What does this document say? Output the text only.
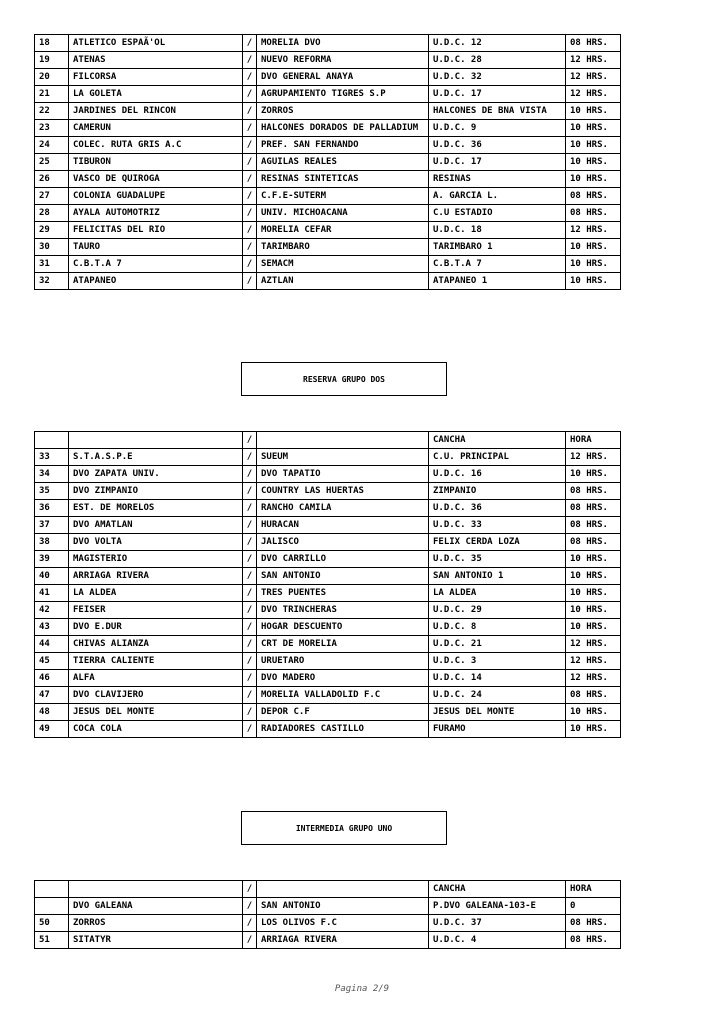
18	ATLETICO ESPAÃ'OL	/	MORELIA DVO	U.D.C. 12	08 HRS.
19	ATENAS	/	NUEVO REFORMA	U.D.C. 28	12 HRS.
20	FILCORSA	/	DVO GENERAL ANAYA	U.D.C. 32	12 HRS.
21	LA GOLETA	/	AGRUPAMIENTO TIGRES S.P	U.D.C. 17	12 HRS.
22	JARDINES DEL RINCON	/	ZORROS	HALCONES DE BNA VISTA	10 HRS.
23	CAMERUN	/	HALCONES DORADOS DE PALLADIUM	U.D.C. 9	10 HRS.
24	COLEC. RUTA GRIS A.C	/	PREF. SAN FERNANDO	U.D.C. 36	10 HRS.
25	TIBURON	/	AGUILAS REALES	U.D.C. 17	10 HRS.
26	VASCO DE QUIROGA	/	RESINAS SINTETICAS	RESINAS	10 HRS.
27	COLONIA GUADALUPE	/	C.F.E-SUTERM	A. GARCIA L.	08 HRS.
28	AYALA AUTOMOTRIZ	/	UNIV. MICHOACANA	C.U ESTADIO	08 HRS.
29	FELICITAS DEL RIO	/	MORELIA CEFAR	U.D.C. 18	12 HRS.
30	TAURO	/	TARIMBARO	TARIMBARO 1	10 HRS.
31	C.B.T.A 7	/	SEMACM	C.B.T.A 7	10 HRS.
32	ATAPANEO	/	AZTLAN	ATAPANEO 1	10 HRS.
RESERVA GRUPO DOS
		/		CANCHA	HORA
33	S.T.A.S.P.E	/	SUEUM	C.U. PRINCIPAL	12 HRS.
34	DVO ZAPATA UNIV.	/	DVO TAPATIO	U.D.C. 16	10 HRS.
35	DVO ZIMPANIO	/	COUNTRY LAS HUERTAS	ZIMPANIO	08 HRS.
36	EST. DE MORELOS	/	RANCHO CAMILA	U.D.C. 36	08 HRS.
37	DVO AMATLAN	/	HURACAN	U.D.C. 33	08 HRS.
38	DVO VOLTA	/	JALISCO	FELIX CERDA LOZA	08 HRS.
39	MAGISTERIO	/	DVO CARRILLO	U.D.C. 35	10 HRS.
40	ARRIAGA RIVERA	/	SAN ANTONIO	SAN ANTONIO 1	10 HRS.
41	LA ALDEA	/	TRES PUENTES	LA ALDEA	10 HRS.
42	FEISER	/	DVO TRINCHERAS	U.D.C. 29	10 HRS.
43	DVO E.DUR	/	HOGAR DESCUENTO	U.D.C. 8	10 HRS.
44	CHIVAS ALIANZA	/	CRT DE MORELIA	U.D.C. 21	12 HRS.
45	TIERRA CALIENTE	/	URUETARO	U.D.C. 3	12 HRS.
46	ALFA	/	DVO MADERO	U.D.C. 14	12 HRS.
47	DVO CLAVIJERO	/	MORELIA VALLADOLID F.C	U.D.C. 24	08 HRS.
48	JESUS DEL MONTE	/	DEPOR C.F	JESUS DEL MONTE	10 HRS.
49	COCA COLA	/	RADIADORES CASTILLO	FURAMO	10 HRS.
INTERMEDIA GRUPO UNO
		/		CANCHA	HORA
	DVO GALEANA	/	SAN ANTONIO	P.DVO GALEANA-103-E	0
50	ZORROS	/	LOS OLIVOS F.C	U.D.C. 37	08 HRS.
51	SITATYR	/	ARRIAGA RIVERA	U.D.C. 4	08 HRS.
Pagina 2/9
